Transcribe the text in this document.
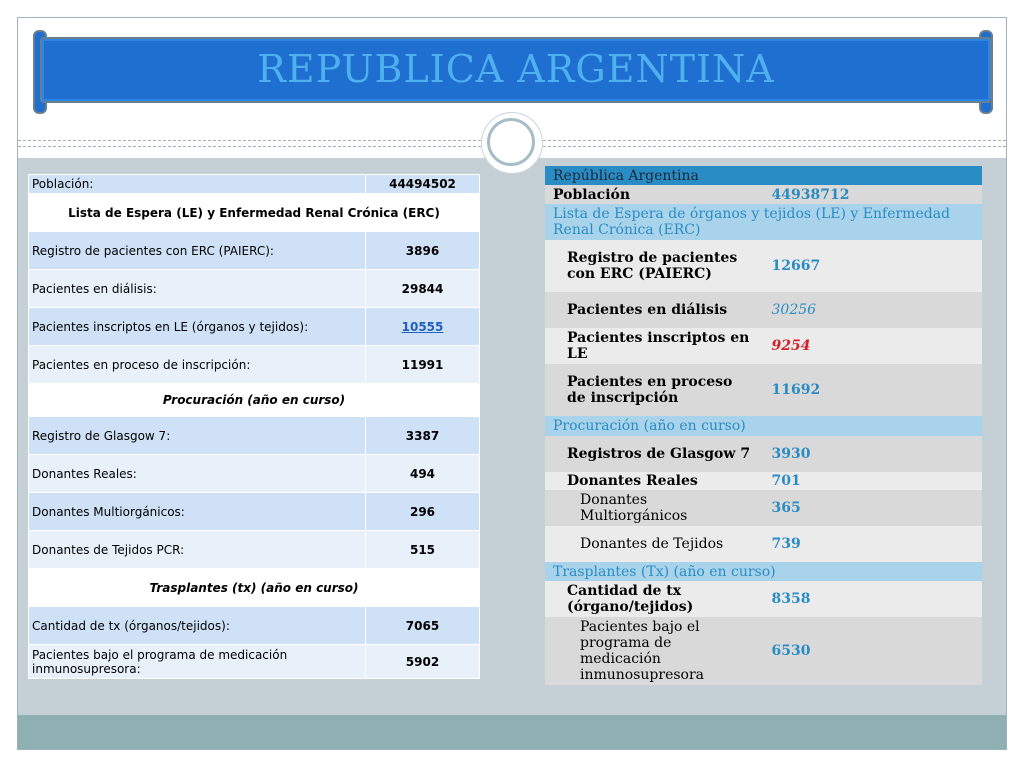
REPUBLICA ARGENTINA
Población:	44494502
Lista de Espera (LE) y Enfermedad Renal Crónica (ERC)	
Registro de pacientes con ERC (PAIERC):	3896
Pacientes en diálisis:	29844
Pacientes inscriptos en LE (órganos y tejidos):	10555
Pacientes en proceso de inscripción:	11991
Procuración (año en curso)	
Registro de Glasgow 7:	3387
Donantes Reales:	494
Donantes Multiorgánicos:	296
Donantes de Tejidos PCR:	515
Trasplantes (tx) (año en curso)	
Cantidad de tx (órganos/tejidos):	7065
Pacientes bajo el programa de medicación inmunosupresora:	5902
República Argentina	
Población	44938712
Lista de Espera de órganos y tejidos (LE) y Enfermedad Renal Crónica (ERC)	
Registro de pacientes con ERC (PAIERC)	12667
Pacientes en diálisis	30256
Pacientes inscriptos en LE	9254
Pacientes en proceso de inscripción	11692
Procuración (año en curso)	
Registros de Glasgow 7	3930
Donantes Reales	701
Donantes Multiorgánicos	365
Donantes de Tejidos	739
Trasplantes (Tx) (año en curso)	
Cantidad de tx (órgano/tejidos)	8358
Pacientes bajo el programa de medicación inmunosupresora	6530
